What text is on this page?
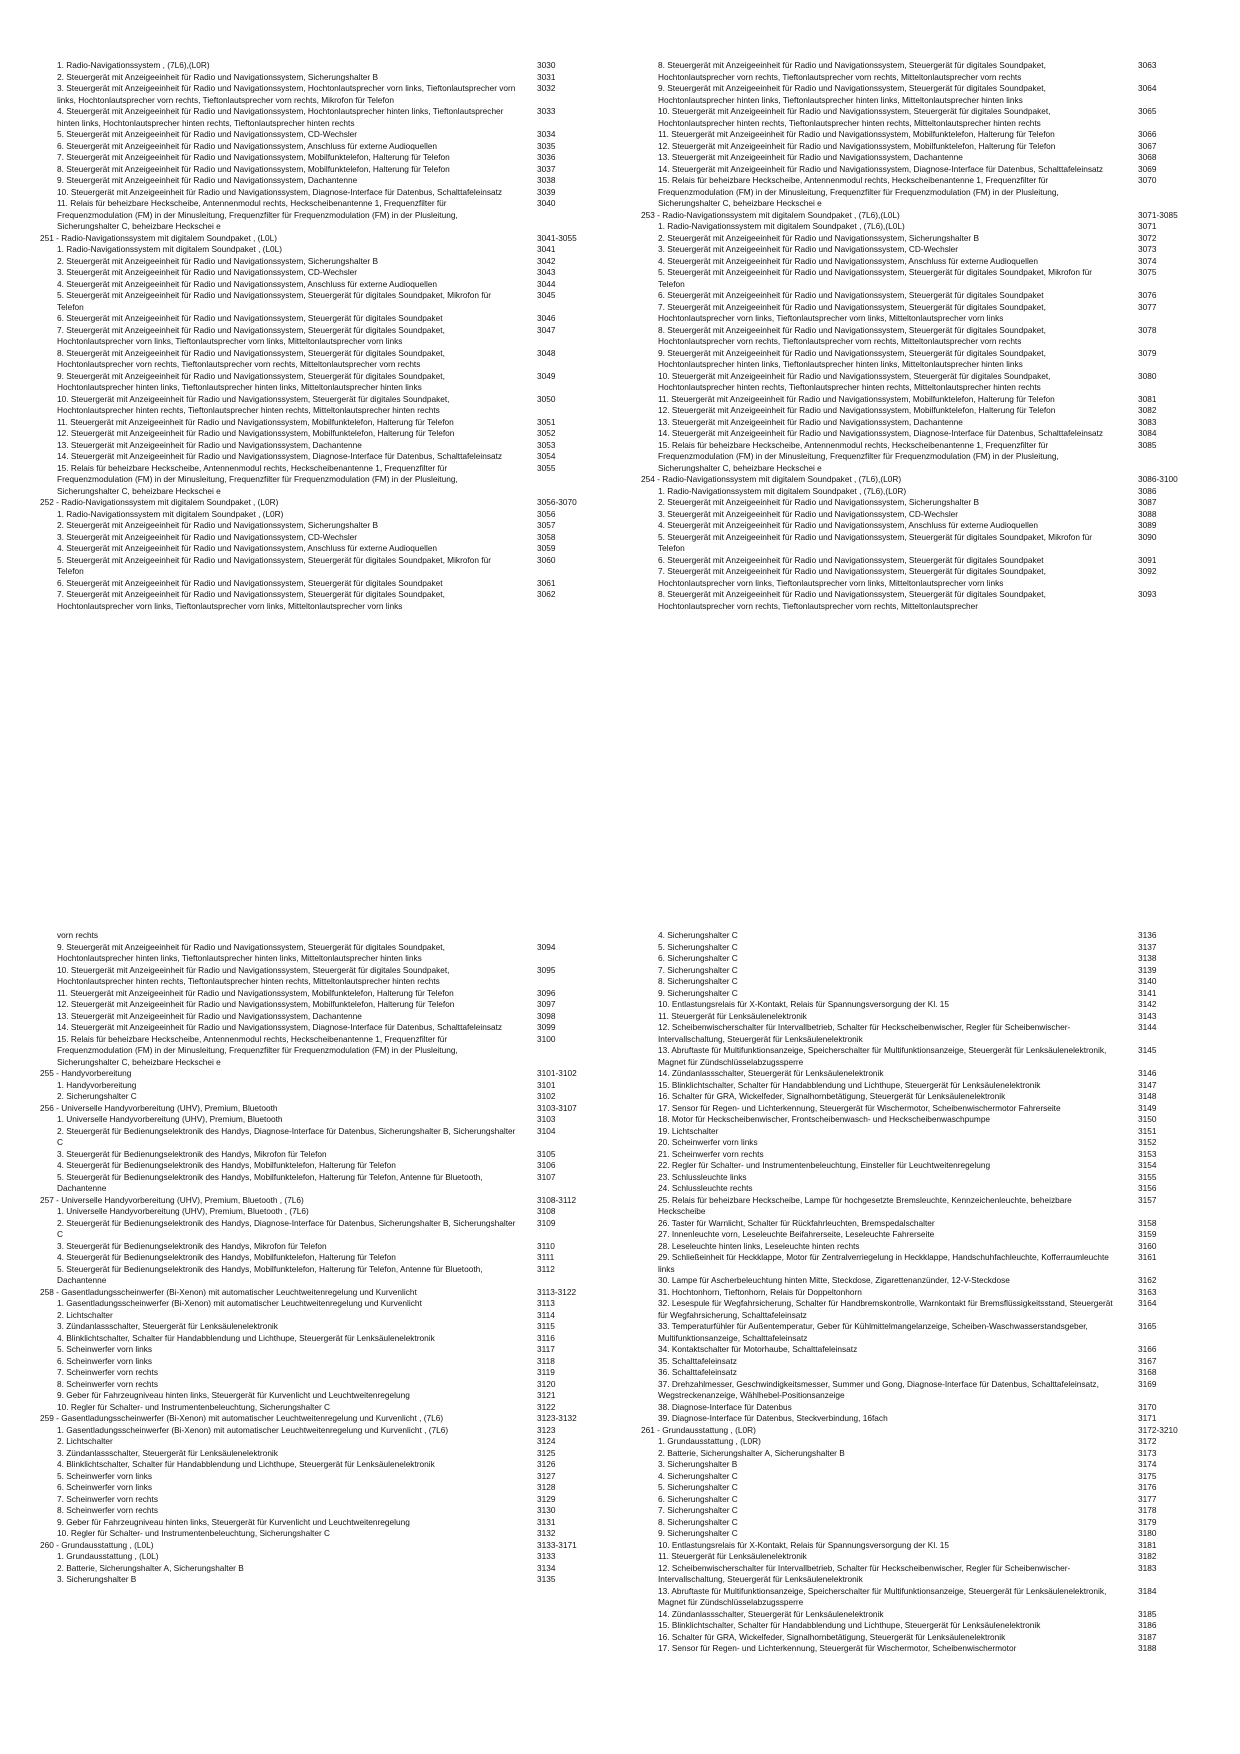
1. Radio-Navigationssystem , (7L6),(L0R)	3030
2. Steuergerät mit Anzeigeeinheit für Radio und Navigationssystem, Sicherungshalter B	3031
3. Steuergerät mit Anzeigeeinheit für Radio und Navigationssystem, Hochtonlautsprecher vorn links, Tieftonlautsprecher vorn links, Hochtonlautsprecher vorn rechts, Tieftonlautsprecher vorn rechts, Mikrofon für Telefon
3032
4. Steuergerät mit Anzeigeeinheit für Radio und Navigationssystem, Hochtonlautsprecher hinten links, Tieftonlautsprecher hinten links, Hochtonlautsprecher hinten rechts, Tieftonlautsprecher hinten rechts
3033
5. Steuergerät mit Anzeigeeinheit für Radio und Navigationssystem, CD-Wechsler	3034
6. Steuergerät mit Anzeigeeinheit für Radio und Navigationssystem, Anschluss für externe Audioquellen	3035
7. Steuergerät mit Anzeigeeinheit für Radio und Navigationssystem, Mobilfunktelefon, Halterung für Telefon	3036
8. Steuergerät mit Anzeigeeinheit für Radio und Navigationssystem, Mobilfunktelefon, Halterung für Telefon	3037
9. Steuergerät mit Anzeigeeinheit für Radio und Navigationssystem, Dachantenne	3038
10. Steuergerät mit Anzeigeeinheit für Radio und Navigationssystem, Diagnose-Interface für Datenbus, Schalttafeleinsatz	3039
11. Relais für beheizbare Heckscheibe, Antennenmodul rechts, Heckscheibenantenne 1, Frequenzfilter für Frequenzmodulation (FM) in der Minusleitung, Frequenzfilter für Frequenzmodulation (FM) in der Plusleitung, Sicherungshalter C, beheizbare Heckschei e
3040
251 - Radio-Navigationssystem mit digitalem Soundpaket , (L0L)	3041-3055
1. Radio-Navigationssystem mit digitalem Soundpaket , (L0L)	3041
2. Steuergerät mit Anzeigeeinheit für Radio und Navigationssystem, Sicherungshalter B	3042
3. Steuergerät mit Anzeigeeinheit für Radio und Navigationssystem, CD-Wechsler	3043
4. Steuergerät mit Anzeigeeinheit für Radio und Navigationssystem, Anschluss für externe Audioquellen	3044
5. Steuergerät mit Anzeigeeinheit für Radio und Navigationssystem, Steuergerät für digitales Soundpaket, Mikrofon für Telefon
3045
6. Steuergerät mit Anzeigeeinheit für Radio und Navigationssystem, Steuergerät für digitales Soundpaket	3046
7. Steuergerät mit Anzeigeeinheit für Radio und Navigationssystem, Steuergerät für digitales Soundpaket, Hochtonlautsprecher vorn links, Tieftonlautsprecher vorn links, Mitteltonlautsprecher vorn links
3047
8. Steuergerät mit Anzeigeeinheit für Radio und Navigationssystem, Steuergerät für digitales Soundpaket, Hochtonlautsprecher vorn rechts, Tieftonlautsprecher vorn rechts, Mitteltonlautsprecher vorn rechts
3048
9. Steuergerät mit Anzeigeeinheit für Radio und Navigationssystem, Steuergerät für digitales Soundpaket, Hochtonlautsprecher hinten links, Tieftonlautsprecher hinten links, Mitteltonlautsprecher hinten links
3049
10. Steuergerät mit Anzeigeeinheit für Radio und Navigationssystem, Steuergerät für digitales Soundpaket, Hochtonlautsprecher hinten rechts, Tieftonlautsprecher hinten rechts, Mitteltonlautsprecher hinten rechts
3050
11. Steuergerät mit Anzeigeeinheit für Radio und Navigationssystem, Mobilfunktelefon, Halterung für Telefon	3051
12. Steuergerät mit Anzeigeeinheit für Radio und Navigationssystem, Mobilfunktelefon, Halterung für Telefon	3052
13. Steuergerät mit Anzeigeeinheit für Radio und Navigationssystem, Dachantenne	3053
14. Steuergerät mit Anzeigeeinheit für Radio und Navigationssystem, Diagnose-Interface für Datenbus, Schalttafeleinsatz	3054
15. Relais für beheizbare Heckscheibe, Antennenmodul rechts, Heckscheibenantenne 1, Frequenzfilter für Frequenzmodulation (FM) in der Minusleitung, Frequenzfilter für Frequenzmodulation (FM) in der Plusleitung, Sicherungshalter C, beheizbare Heckschei e
3055
252 - Radio-Navigationssystem mit digitalem Soundpaket , (L0R)	3056-3070
1. Radio-Navigationssystem mit digitalem Soundpaket , (L0R)	3056
2. Steuergerät mit Anzeigeeinheit für Radio und Navigationssystem, Sicherungshalter B	3057
3. Steuergerät mit Anzeigeeinheit für Radio und Navigationssystem, CD-Wechsler	3058
4. Steuergerät mit Anzeigeeinheit für Radio und Navigationssystem, Anschluss für externe Audioquellen	3059
5. Steuergerät mit Anzeigeeinheit für Radio und Navigationssystem, Steuergerät für digitales Soundpaket, Mikrofon für Telefon
3060
6. Steuergerät mit Anzeigeeinheit für Radio und Navigationssystem, Steuergerät für digitales Soundpaket	3061
7. Steuergerät mit Anzeigeeinheit für Radio und Navigationssystem, Steuergerät für digitales Soundpaket, Hochtonlautsprecher vorn links, Tieftonlautsprecher vorn links, Mitteltonlautsprecher vorn links
3062
8. Steuergerät mit Anzeigeeinheit für Radio und Navigationssystem, Steuergerät für digitales Soundpaket, Hochtonlautsprecher vorn rechts, Tieftonlautsprecher vorn rechts, Mitteltonlautsprecher vorn rechts
3063
9. Steuergerät mit Anzeigeeinheit für Radio und Navigationssystem, Steuergerät für digitales Soundpaket, Hochtonlautsprecher hinten links, Tieftonlautsprecher hinten links, Mitteltonlautsprecher hinten links
3064
10. Steuergerät mit Anzeigeeinheit für Radio und Navigationssystem, Steuergerät für digitales Soundpaket, Hochtonlautsprecher hinten rechts, Tieftonlautsprecher hinten rechts, Mitteltonlautsprecher hinten rechts
3065
11. Steuergerät mit Anzeigeeinheit für Radio und Navigationssystem, Mobilfunktelefon, Halterung für Telefon	3066
12. Steuergerät mit Anzeigeeinheit für Radio und Navigationssystem, Mobilfunktelefon, Halterung für Telefon	3067
13. Steuergerät mit Anzeigeeinheit für Radio und Navigationssystem, Dachantenne	3068
14. Steuergerät mit Anzeigeeinheit für Radio und Navigationssystem, Diagnose-Interface für Datenbus, Schalttafeleinsatz	3069
15. Relais für beheizbare Heckscheibe, Antennenmodul rechts, Heckscheibenantenne 1, Frequenzfilter für Frequenzmodulation (FM) in der Minusleitung, Frequenzfilter für Frequenzmodulation (FM) in der Plusleitung, Sicherungshalter C, beheizbare Heckschei e
3070
253 - Radio-Navigationssystem mit digitalem Soundpaket , (7L6),(L0L)	3071-3085
1. Radio-Navigationssystem mit digitalem Soundpaket , (7L6),(L0L)	3071
2. Steuergerät mit Anzeigeeinheit für Radio und Navigationssystem, Sicherungshalter B	3072
3. Steuergerät mit Anzeigeeinheit für Radio und Navigationssystem, CD-Wechsler	3073
4. Steuergerät mit Anzeigeeinheit für Radio und Navigationssystem, Anschluss für externe Audioquellen	3074
5. Steuergerät mit Anzeigeeinheit für Radio und Navigationssystem, Steuergerät für digitales Soundpaket, Mikrofon für Telefon
3075
6. Steuergerät mit Anzeigeeinheit für Radio und Navigationssystem, Steuergerät für digitales Soundpaket	3076
7. Steuergerät mit Anzeigeeinheit für Radio und Navigationssystem, Steuergerät für digitales Soundpaket, Hochtonlautsprecher vorn links, Tieftonlautsprecher vorn links, Mitteltonlautsprecher vorn links
3077
8. Steuergerät mit Anzeigeeinheit für Radio und Navigationssystem, Steuergerät für digitales Soundpaket, Hochtonlautsprecher vorn rechts, Tieftonlautsprecher vorn rechts, Mitteltonlautsprecher vorn rechts
3078
9. Steuergerät mit Anzeigeeinheit für Radio und Navigationssystem, Steuergerät für digitales Soundpaket, Hochtonlautsprecher hinten links, Tieftonlautsprecher hinten links, Mitteltonlautsprecher hinten links
3079
10. Steuergerät mit Anzeigeeinheit für Radio und Navigationssystem, Steuergerät für digitales Soundpaket, Hochtonlautsprecher hinten rechts, Tieftonlautsprecher hinten rechts, Mitteltonlautsprecher hinten rechts
3080
11. Steuergerät mit Anzeigeeinheit für Radio und Navigationssystem, Mobilfunktelefon, Halterung für Telefon	3081
12. Steuergerät mit Anzeigeeinheit für Radio und Navigationssystem, Mobilfunktelefon, Halterung für Telefon	3082
13. Steuergerät mit Anzeigeeinheit für Radio und Navigationssystem, Dachantenne	3083
14. Steuergerät mit Anzeigeeinheit für Radio und Navigationssystem, Diagnose-Interface für Datenbus, Schalttafeleinsatz	3084
15. Relais für beheizbare Heckscheibe, Antennenmodul rechts, Heckscheibenantenne 1, Frequenzfilter für Frequenzmodulation (FM) in der Minusleitung, Frequenzfilter für Frequenzmodulation (FM) in der Plusleitung, Sicherungshalter C, beheizbare Heckschei e
3085
254 - Radio-Navigationssystem mit digitalem Soundpaket , (7L6),(L0R)	3086-3100
1. Radio-Navigationssystem mit digitalem Soundpaket , (7L6),(L0R)	3086
2. Steuergerät mit Anzeigeeinheit für Radio und Navigationssystem, Sicherungshalter B	3087
3. Steuergerät mit Anzeigeeinheit für Radio und Navigationssystem, CD-Wechsler	3088
4. Steuergerät mit Anzeigeeinheit für Radio und Navigationssystem, Anschluss für externe Audioquellen	3089
5. Steuergerät mit Anzeigeeinheit für Radio und Navigationssystem, Steuergerät für digitales Soundpaket, Mikrofon für Telefon
3090
6. Steuergerät mit Anzeigeeinheit für Radio und Navigationssystem, Steuergerät für digitales Soundpaket	3091
7. Steuergerät mit Anzeigeeinheit für Radio und Navigationssystem, Steuergerät für digitales Soundpaket, Hochtonlautsprecher vorn links, Tieftonlautsprecher vorn links, Mitteltonlautsprecher vorn links
3092
8. Steuergerät mit Anzeigeeinheit für Radio und Navigationssystem, Steuergerät für digitales Soundpaket, Hochtonlautsprecher vorn rechts, Tieftonlautsprecher vorn rechts, Mitteltonlautsprecher
3093
vorn rechts
9. Steuergerät mit Anzeigeeinheit für Radio und Navigationssystem, Steuergerät für digitales Soundpaket, Hochtonlautsprecher hinten links, Tieftonlautsprecher hinten links, Mitteltonlautsprecher hinten links
3094
10. Steuergerät mit Anzeigeeinheit für Radio und Navigationssystem, Steuergerät für digitales Soundpaket, Hochtonlautsprecher hinten rechts, Tieftonlautsprecher hinten rechts, Mitteltonlautsprecher hinten rechts
3095
11. Steuergerät mit Anzeigeeinheit für Radio und Navigationssystem, Mobilfunktelefon, Halterung für Telefon	3096
12. Steuergerät mit Anzeigeeinheit für Radio und Navigationssystem, Mobilfunktelefon, Halterung für Telefon	3097
13. Steuergerät mit Anzeigeeinheit für Radio und Navigationssystem, Dachantenne	3098
14. Steuergerät mit Anzeigeeinheit für Radio und Navigationssystem, Diagnose-Interface für Datenbus, Schalttafeleinsatz	3099
15. Relais für beheizbare Heckscheibe, Antennenmodul rechts, Heckscheibenantenne 1, Frequenzfilter für Frequenzmodulation (FM) in der Minusleitung, Frequenzfilter für Frequenzmodulation (FM) in der Plusleitung, Sicherungshalter C, beheizbare Heckschei e
3100
255 - Handyvorbereitung	3101-3102
1. Handyvorbereitung	3101
2. Sicherungshalter C	3102
256 - Universelle Handyvorbereitung (UHV), Premium, Bluetooth	3103-3107
1. Universelle Handyvorbereitung (UHV), Premium, Bluetooth	3103
2. Steuergerät für Bedienungselektronik des Handys, Diagnose-Interface für Datenbus, Sicherungshalter B, Sicherungshalter C
3104
3. Steuergerät für Bedienungselektronik des Handys, Mikrofon für Telefon	3105
4. Steuergerät für Bedienungselektronik des Handys, Mobilfunktelefon, Halterung für Telefon	3106
5. Steuergerät für Bedienungselektronik des Handys, Mobilfunktelefon, Halterung für Telefon, Antenne für Bluetooth, Dachantenne
3107
257 - Universelle Handyvorbereitung (UHV), Premium, Bluetooth , (7L6)	3108-3112
1. Universelle Handyvorbereitung (UHV), Premium, Bluetooth , (7L6)	3108
2. Steuergerät für Bedienungselektronik des Handys, Diagnose-Interface für Datenbus, Sicherungshalter B, Sicherungshalter C
3109
3. Steuergerät für Bedienungselektronik des Handys, Mikrofon für Telefon	3110
4. Steuergerät für Bedienungselektronik des Handys, Mobilfunktelefon, Halterung für Telefon	3111
5. Steuergerät für Bedienungselektronik des Handys, Mobilfunktelefon, Halterung für Telefon, Antenne für Bluetooth, Dachantenne
3112
258 - Gasentladungsscheinwerfer (Bi-Xenon) mit automatischer Leuchtweitenregelung und Kurvenlicht	3113-3122
1. Gasentladungsscheinwerfer (Bi-Xenon) mit automatischer Leuchtweitenregelung und Kurvenlicht	3113
2. Lichtschalter	3114
3. Zündanlassschalter, Steuergerät für Lenksäulenelektronik	3115
4. Blinklichtschalter, Schalter für Handabblendung und Lichthupe, Steuergerät für Lenksäulenelektronik	3116
5. Scheinwerfer vorn links	3117
6. Scheinwerfer vorn links	3118
7. Scheinwerfer vorn rechts	3119
8. Scheinwerfer vorn rechts	3120
9. Geber für Fahrzeugniveau hinten links, Steuergerät für Kurvenlicht und Leuchtweitenregelung	3121
10. Regler für Schalter- und Instrumentenbeleuchtung, Sicherungshalter C	3122
259 - Gasentladungsscheinwerfer (Bi-Xenon) mit automatischer Leuchtweitenregelung und Kurvenlicht , (7L6)	3123-3132
1. Gasentladungsscheinwerfer (Bi-Xenon) mit automatischer Leuchtweitenregelung und Kurvenlicht , (7L6)	3123
2. Lichtschalter	3124
3. Zündanlassschalter, Steuergerät für Lenksäulenelektronik	3125
4. Blinklichtschalter, Schalter für Handabblendung und Lichthupe, Steuergerät für Lenksäulenelektronik	3126
5. Scheinwerfer vorn links	3127
6. Scheinwerfer vorn links	3128
7. Scheinwerfer vorn rechts	3129
8. Scheinwerfer vorn rechts	3130
9. Geber für Fahrzeugniveau hinten links, Steuergerät für Kurvenlicht und Leuchtweitenregelung	3131
10. Regler für Schalter- und Instrumentenbeleuchtung, Sicherungshalter C	3132
260 - Grundausstattung , (L0L)	3133-3171
1. Grundausstattung , (L0L)	3133
2. Batterie, Sicherungshalter A, Sicherungshalter B	3134
3. Sicherungshalter B	3135
4. Sicherungshalter C	3136
5. Sicherungshalter C	3137
6. Sicherungshalter C	3138
7. Sicherungshalter C	3139
8. Sicherungshalter C	3140
9. Sicherungshalter C	3141
10. Entlastungsrelais für X-Kontakt, Relais für Spannungsversorgung der Kl. 15	3142
11. Steuergerät für Lenksäulenelektronik	3143
12. Scheibenwischerschalter für Intervallbetrieb, Schalter für Heckscheibenwischer, Regler für Scheibenwischer-Intervallschaltung, Steuergerät für Lenksäulenelektronik
3144
13. Abruftaste für Multifunktionsanzeige, Speicherschalter für Multifunktionsanzeige, Steuergerät für Lenksäulenelektronik, Magnet für Zündschlüsselabzugssperre
3145
14. Zündanlassschalter, Steuergerät für Lenksäulenelektronik	3146
15. Blinklichtschalter, Schalter für Handabblendung und Lichthupe, Steuergerät für Lenksäulenelektronik	3147
16. Schalter für GRA, Wickelfeder, Signalhornbetätigung, Steuergerät für Lenksäulenelektronik	3148
17. Sensor für Regen- und Lichterkennung, Steuergerät für Wischermotor, Scheibenwischermotor Fahrerseite	3149
18. Motor für Heckscheibenwischer, Frontscheibenwasch- und Heckscheibenwaschpumpe	3150
19. Lichtschalter	3151
20. Scheinwerfer vorn links	3152
21. Scheinwerfer vorn rechts	3153
22. Regler für Schalter- und Instrumentenbeleuchtung, Einsteller für Leuchtweitenregelung	3154
23. Schlussleuchte links	3155
24. Schlussleuchte rechts	3156
25. Relais für beheizbare Heckscheibe, Lampe für hochgesetzte Bremsleuchte, Kennzeichenleuchte, beheizbare Heckscheibe
3157
26. Taster für Warnlicht, Schalter für Rückfahrleuchten, Bremspedalschalter	3158
27. Innenleuchte vorn, Leseleuchte Beifahrerseite, Leseleuchte Fahrerseite	3159
28. Leseleuchte hinten links, Leseleuchte hinten rechts	3160
29. Schließeinheit für Heckklappe, Motor für Zentralverriegelung in Heckklappe, Handschuhfachleuchte, Kofferraumleuchte links
3161
30. Lampe für Ascherbeleuchtung hinten Mitte, Steckdose, Zigarettenanzünder, 12-V-Steckdose	3162
31. Hochtonhorn, Tieftonhorn, Relais für Doppeltonhorn	3163
32. Lesespule für Wegfahrsicherung, Schalter für Handbremskontrolle, Warnkontakt für Bremsflüssigkeitsstand, Steuergerät für Wegfahrsicherung, Schalttafeleinsatz
3164
33. Temperaturfühler für Außentemperatur, Geber für Kühlmittelmangelanzeige, Scheiben-Waschwasserstandsgeber, Multifunktionsanzeige, Schalttafeleinsatz
3165
34. Kontaktschalter für Motorhaube, Schalttafeleinsatz	3166
35. Schalttafeleinsatz	3167
36. Schalttafeleinsatz	3168
37. Drehzahlmesser, Geschwindigkeitsmesser, Summer und Gong, Diagnose-Interface für Datenbus, Schalttafeleinsatz, Wegstreckenanzeige, Wählhebel-Positionsanzeige
3169
38. Diagnose-Interface für Datenbus	3170
39. Diagnose-Interface für Datenbus, Steckverbindung, 16fach	3171
261 - Grundausstattung , (L0R)	3172-3210
1. Grundausstattung , (L0R)	3172
2. Batterie, Sicherungshalter A, Sicherungshalter B	3173
3. Sicherungshalter B	3174
4. Sicherungshalter C	3175
5. Sicherungshalter C	3176
6. Sicherungshalter C	3177
7. Sicherungshalter C	3178
8. Sicherungshalter C	3179
9. Sicherungshalter C	3180
10. Entlastungsrelais für X-Kontakt, Relais für Spannungsversorgung der Kl. 15	3181
11. Steuergerät für Lenksäulenelektronik	3182
12. Scheibenwischerschalter für Intervallbetrieb, Schalter für Heckscheibenwischer, Regler für Scheibenwischer-Intervallschaltung, Steuergerät für Lenksäulenelektronik
3183
13. Abruftaste für Multifunktionsanzeige, Speicherschalter für Multifunktionsanzeige, Steuergerät für Lenksäulenelektronik, Magnet für Zündschlüsselabzugssperre
3184
14. Zündanlassschalter, Steuergerät für Lenksäulenelektronik	3185
15. Blinklichtschalter, Schalter für Handabblendung und Lichthupe, Steuergerät für Lenksäulenelektronik	3186
16. Schalter für GRA, Wickelfeder, Signalhornbetätigung, Steuergerät für Lenksäulenelektronik	3187
17. Sensor für Regen- und Lichterkennung, Steuergerät für Wischermotor, Scheibenwischermotor	3188
